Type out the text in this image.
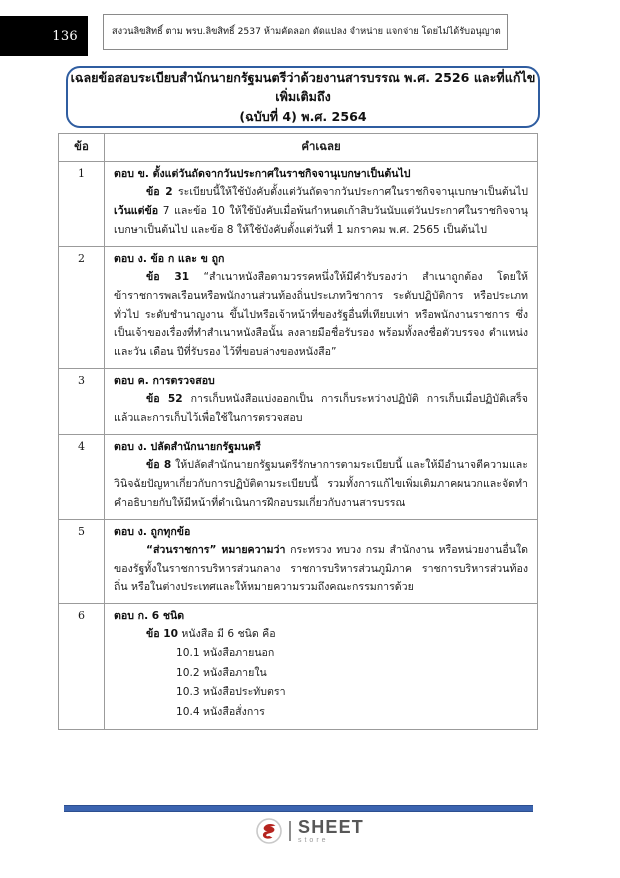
136	สงวนลิขสิทธิ์ ตาม พรบ.ลิขสิทธิ์ 2537 ห้ามคัดลอก ดัดแปลง จำหน่าย แจกจ่าย โดยไม่ได้รับอนุญาต
เฉลยข้อสอบระเบียบสำนักนายกรัฐมนตรีว่าด้วยงานสารบรรณ พ.ศ. 2526 และที่แก้ไขเพิ่มเติมถึง
(ฉบับที่ 4) พ.ศ. 2564
ข้อ	คำเฉลย
1	ตอบ ข. ตั้งแต่วันถัดจากวันประกาศในราชกิจจานุเบกษาเป็นต้นไป
ข้อ 2 ระเบียบนี้ให้ใช้บังคับตั้งแต่วันถัดจากวันประกาศในราชกิจจานุเบกษาเป็นต้นไป เว้นแต่ข้อ 7 และข้อ 10 ให้ใช้บังคับเมื่อพ้นกำหนดเก้าสิบวันนับแต่วันประกาศในราชกิจจานุเบกษาเป็นต้นไป และข้อ 8 ให้ใช้บังคับตั้งแต่วันที่ 1 มกราคม พ.ศ. 2565 เป็นต้นไป

2	ตอบ ง. ข้อ ก และ ข ถูก
ข้อ 31 “สำเนาหนังสือตามวรรคหนึ่งให้มีคำรับรองว่า สำเนาถูกต้อง โดยให้ข้าราชการพลเรือนหรือพนักงานส่วนท้องถิ่นประเภทวิชาการ ระดับปฏิบัติการ หรือประเภททั่วไป ระดับชำนาญงาน ขึ้นไปหรือเจ้าหน้าที่ของรัฐอื่นที่เทียบเท่า หรือพนักงานราชการ ซึ่งเป็นเจ้าของเรื่องที่ทำสำเนาหนังสือนั้น ลงลายมือชื่อรับรอง พร้อมทั้งลงชื่อตัวบรรจง ตำแหน่ง และวัน เดือน ปีที่รับรอง ไว้ที่ขอบล่างของหนังสือ”

3	ตอบ ค. การตรวจสอบ
ข้อ 52 การเก็บหนังสือแบ่งออกเป็น การเก็บระหว่างปฏิบัติ การเก็บเมื่อปฏิบัติเสร็จแล้วและการเก็บไว้เพื่อใช้ในการตรวจสอบ

4	ตอบ ง. ปลัดสำนักนายกรัฐมนตรี
ข้อ 8 ให้ปลัดสำนักนายกรัฐมนตรีรักษาการตามระเบียบนี้ และให้มีอำนาจตีความและวินิจฉัยปัญหาเกี่ยวกับการปฏิบัติตามระเบียบนี้ รวมทั้งการแก้ไขเพิ่มเติมภาคผนวกและจัดทำคำอธิบายกับให้มีหน้าที่ดำเนินการฝึกอบรมเกี่ยวกับงานสารบรรณ

5	ตอบ ง. ถูกทุกข้อ
“ส่วนราชการ” หมายความว่า กระทรวง ทบวง กรม สำนักงาน หรือหน่วยงานอื่นใดของรัฐทั้งในราชการบริหารส่วนกลาง ราชการบริหารส่วนภูมิภาค ราชการบริหารส่วนท้องถิ่น หรือในต่างประเทศและให้หมายความรวมถึงคณะกรรมการด้วย

6	ตอบ ก. 6 ชนิด
ข้อ 10 หนังสือ มี 6 ชนิด คือ
10.1 หนังสือภายนอก
10.2 หนังสือภายใน
10.3 หนังสือประทับตรา
10.4 หนังสือสั่งการ
SHEET
store
